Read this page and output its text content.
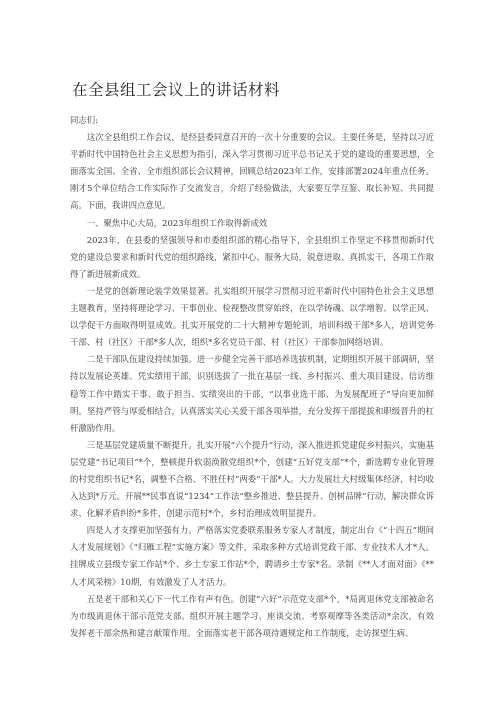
在全县组工会议上的讲话材料

同志们:

这次全县组织工作会议，是经县委同意召开的一次十分重要的会议。主要任务是，坚持以习近平新时代中国特色社会主义思想为指引，深入学习贯彻习近平总书记关于党的建设的重要思想，全面落实全国、全省、全市组织部长会议精神，回顾总结2023年工作，安排部署2024年重点任务。刚才5个单位结合工作实际作了交流发言，介绍了经验做法，大家要互学互鉴、取长补短、共同提高。下面，我讲四点意见。

一、聚焦中心大局，2023年组织工作取得新成效

2023年，在县委的坚强领导和市委组织部的精心指导下，全县组织工作坚定不移贯彻新时代党的建设总要求和新时代党的组织路线，紧扣中心、服务大局，锐意进取、真抓实干，各项工作取得了新进展新成效。

一是党的创新理论装学效果显著。扎实组织开展学习贯彻习近平新时代中国特色社会主义思想主题教育，坚持将理论学习、干事创业、检视整改贯穿始终，在以学铸魂、以学增智、以学正风、以学促干方面取得明显成效。扎实开展党的二十大精神专题轮训，培训科级干部*多人，培训党务干部、村（社区）干部*多人次，组织*多名党员干部、村（社区）干部参加网络培训。

二是干部队伍建设持续加强。进一步健全完善干部培养选拔机制，定期组织开展干部调研，坚持以发展论英雄、凭实绩用干部，识别选拔了一批在基层一线、乡村振兴、重大项目建设、信访维稳等工作中踏实干事、敢于担当、实绩突出的干部，“以事业选干部、为发展配班子”导向更加鲜明。坚持严管与厚爱相结合，认真落实关心关爱干部各项举措，充分发挥干部提拔和职级晋升的杠杆激励作用。

三是基层党建质量不断提升。扎实开展“六个提升”行动，深入推进抓党建促乡村振兴，实施基层党建“书记项目”*个，整顿提升软弱涣散党组织*个，创建“五好党支部”*个，新选聘专业化管理的村党组织书记*名，调整不合格、不胜任村“两委”干部*人。大力发展壮大村级集体经济，村均收入达到*万元。开展**民事直说“1234”工作法“整乡推进、整县提升、创树品牌”行动，解决群众诉求、化解矛盾纠纷*多件，创建示范村*个，乡村治理成效明显提升。

四是人才支撑更加坚强有力。严格落实党委联系服务专家人才制度，制定出台《“十四五”期间人才发展规划》《“归雁工程”实施方案》等文件，采取多种方式培训党政干部、专业技术人才*人。挂牌成立县级专家工作站*个、乡土专家工作站*个，聘请乡土专家*名。录制《**人才面对面》《**人才风采榜》10期，有效激发了人才活力。

五是老干部和关心下一代工作有声有色。创建“六好”示范党支部*个，*局离退休党支部被命名为市级离退休干部示范党支部。组织开展主题学习、座谈交流、考察观摩等各类活动*余次，有效发挥老干部余热和建言献策作用。全面落实老干部各项待遇规定和工作制度，走访探望生病、
